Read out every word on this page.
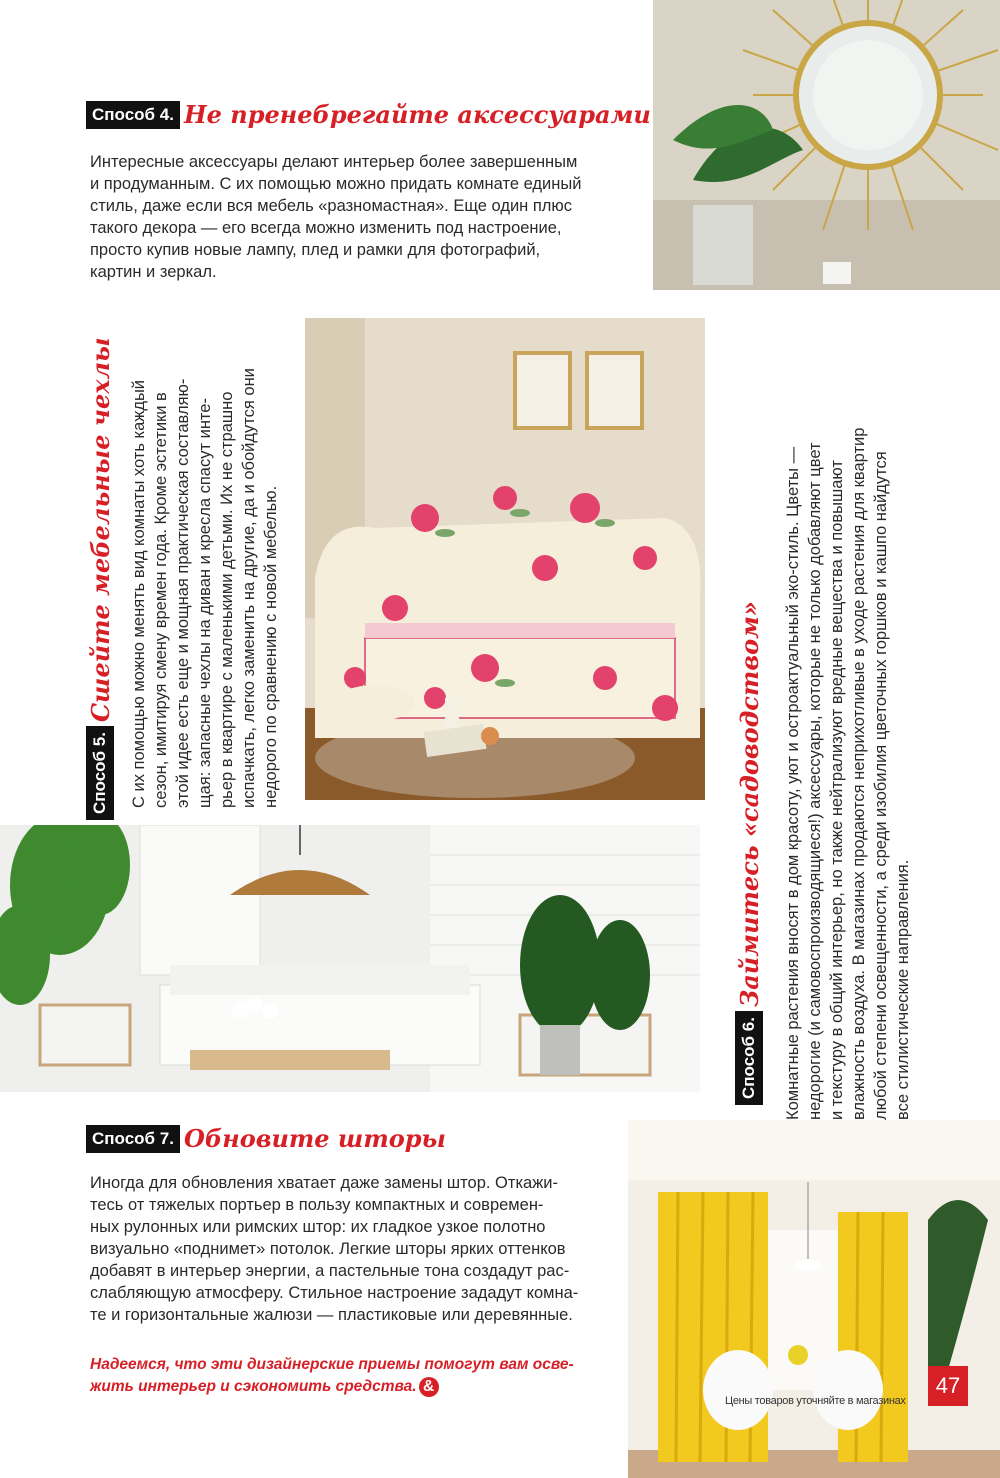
Способ 4. Не пренебрегайте аксессуарами
Интересные аксессуары делают интерьер более завершенным
и продуманным. С их помощью можно придать комнате единый
стиль, даже если вся мебель «разномастная». Еще один плюс
такого декора — его всегда можно изменить под настроение,
просто купив новые лампу, плед и рамки для фотографий,
картин и зеркал.
Способ 5.
Сшейте мебельные чехлы С их помощью можно менять вид комнаты хоть каждый сезон, имитируя смену времен года. Кроме эстетики в этой идее есть еще и мощная практическая составляю- щая: запасные чехлы на диван и кресла спасут инте- рьер в квартире с маленькими детьми. Их не страшно испачкать, легко заменить на другие, да и обойдутся они недорого по сравнению с новой мебелью.
Способ 6.
Займитесь «садоводством» Комнатные растения вносят в дом красоту, уют и остроактуальный эко-стиль. Цветы — недорогие (и самовоспроизводящиеся!) аксессуары, которые не только добавляют цвет и текстуру в общий интерьер, но также нейтрализуют вредные вещества и повышают влажность воздуха. В магазинах продаются неприхотливые в уходе растения для квартир любой степени освещенности, а среди изобилия цветочных горшков и кашпо найдутся все стилистические направления.
Способ 7. Обновите шторы
Иногда для обновления хватает даже замены штор. Откажи-
тесь от тяжелых портьер в пользу компактных и современ-
ных рулонных или римских штор: их гладкое узкое полотно
визуально «поднимет» потолок. Легкие шторы ярких оттенков
добавят в интерьер энергии, а пастельные тона создадут рас-
слабляющую атмосферу. Стильное настроение зададут комна-
те и горизонтальные жалюзи — пластиковые или деревянные.
Надеемся, что эти дизайнерские приемы помогут вам осве-
жить интерьер и сэкономить средства. &
Цены товаров уточняйте в магазинах
47
